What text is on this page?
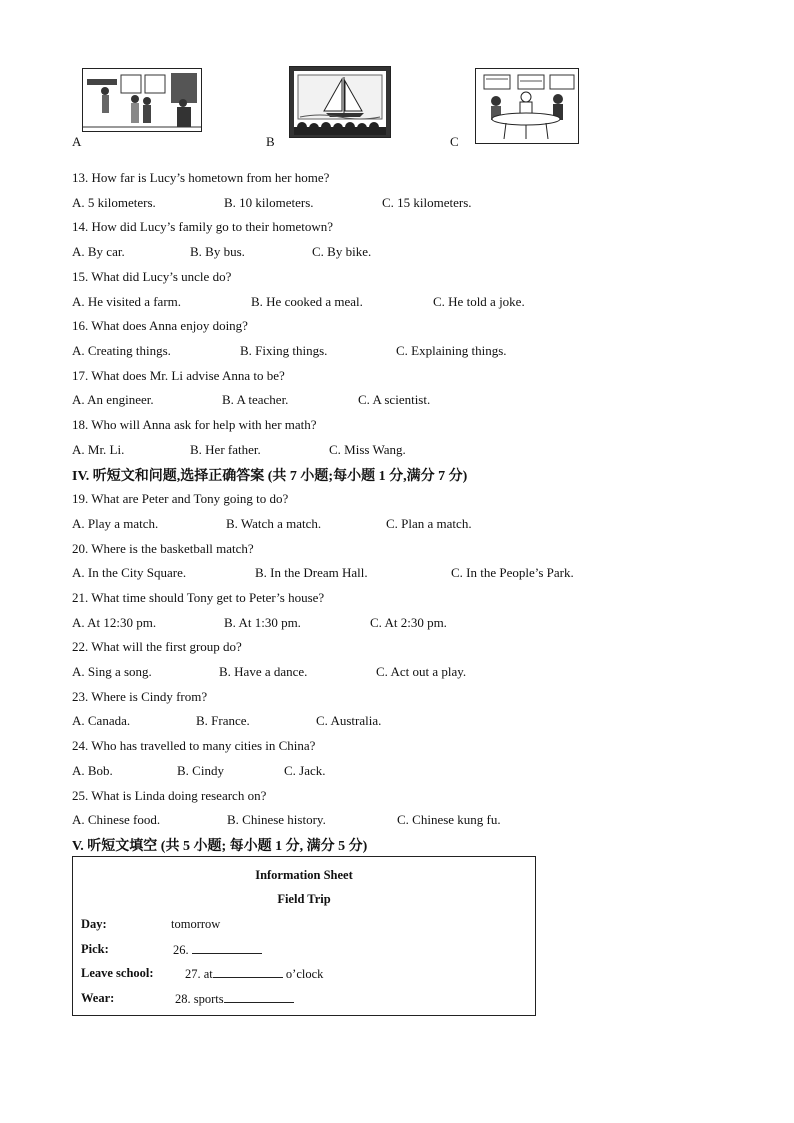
A	B	C
13. How far is Lucy’s hometown from her home?
A. 5 kilometers.	B. 10 kilometers.	C. 15 kilometers.
14. How did Lucy’s family go to their hometown?
A. By car.	B. By bus.	C. By bike.
15. What did Lucy’s uncle do?
A. He visited a farm.	B. He cooked a meal.	C. He told a joke.
16. What does Anna enjoy doing?
A. Creating things.	B. Fixing things.	C. Explaining things.
17. What does Mr. Li advise Anna to be?
A. An engineer.	B. A teacher.	C. A scientist.
18. Who will Anna ask for help with her math?
A. Mr. Li.	B. Her father.	C. Miss Wang.
IV. 听短文和问题,选择正确答案 (共 7 小题;每小题 1 分,满分 7 分)
19. What are Peter and Tony going to do?
A. Play a match.	B. Watch a match.	C. Plan a match.
20. Where is the basketball match?
A. In the City Square.	B. In the Dream Hall.	C. In the People’s Park.
21. What time should Tony get to Peter’s house?
A. At 12:30 pm.	B. At 1:30 pm.	C. At 2:30 pm.
22. What will the first group do?
A. Sing a song.	B. Have a dance.	C. Act out a play.
23. Where is Cindy from?
A. Canada.	B. France.	C. Australia.
24. Who has travelled to many cities in China?
A. Bob.	B. Cindy	C. Jack.
25. What is Linda doing research on?
A. Chinese food.	B. Chinese history.	C. Chinese kung fu.
V. 听短文填空 (共 5 小题; 每小题 1 分, 满分 5 分)
Information Sheet
Field Trip
Day:	tomorrow
Pick:	26.
Leave school:	27. at	o’clock
Wear:	28. sports
